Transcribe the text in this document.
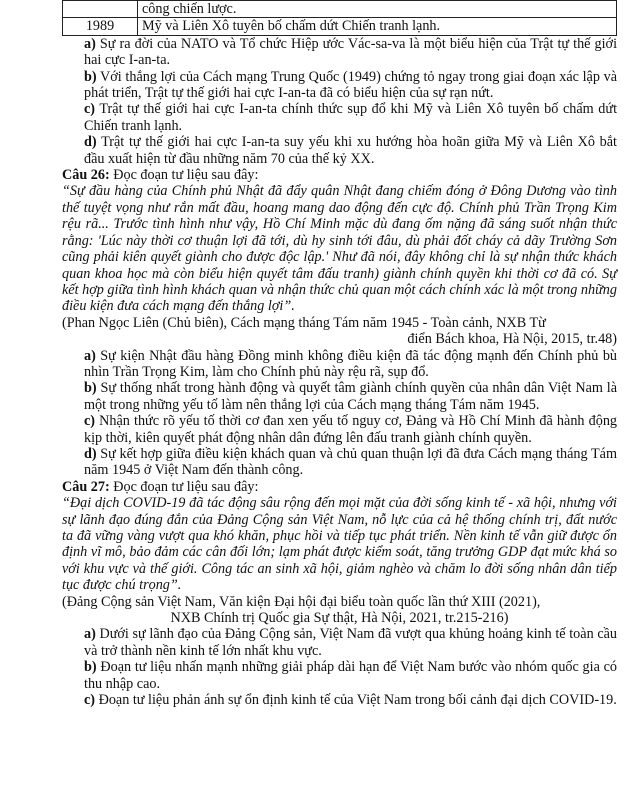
	công chiến lược.
1989	Mỹ và Liên Xô tuyên bố chấm dứt Chiến tranh lạnh.

a) Sự ra đời của NATO và Tổ chức Hiệp ước Vác-sa-va là một biểu hiện của Trật tự thế giới hai cực I-an-ta.

b) Với thắng lợi của Cách mạng Trung Quốc (1949) chứng tỏ ngay trong giai đoạn xác lập và phát triển, Trật tự thế giới hai cực I-an-ta đã có biểu hiện của sự rạn nứt.

c) Trật tự thế giới hai cực I-an-ta chính thức sụp đổ khi Mỹ và Liên Xô tuyên bố chấm dứt Chiến tranh lạnh.

d) Trật tự thế giới hai cực I-an-ta suy yếu khi xu hướng hòa hoãn giữa Mỹ và Liên Xô bắt đầu xuất hiện từ đầu những năm 70 của thế kỷ XX.

Câu 26: Đọc đoạn tư liệu sau đây:

“Sự đầu hàng của Chính phủ Nhật đã đẩy quân Nhật đang chiếm đóng ở Đông Dương vào tình thế tuyệt vọng như rắn mất đầu, hoang mang dao động đến cực độ. Chính phủ Trần Trọng Kim rệu rã... Trước tình hình như vậy, Hồ Chí Minh mặc dù đang ốm nặng đã sáng suốt nhận thức rằng: 'Lúc này thời cơ thuận lợi đã tới, dù hy sinh tới đâu, dù phải đốt cháy cả dãy Trường Sơn cũng phải kiên quyết giành cho được độc lập.' Như đã nói, đây không chỉ là sự nhận thức khách quan khoa học mà còn biểu hiện quyết tâm đấu tranh) giành chính quyền khi thời cơ đã có. Sự kết hợp giữa tình hình khách quan và nhận thức chủ quan một cách chính xác là một trong những điều kiện đưa cách mạng đến thắng lợi”.

(Phan Ngọc Liên (Chủ biên), Cách mạng tháng Tám năm 1945 - Toàn cảnh, NXB Từ

điển Bách khoa, Hà Nội, 2015, tr.48)

a) Sự kiện Nhật đầu hàng Đồng minh không điều kiện đã tác động mạnh đến Chính phủ bù nhìn Trần Trọng Kim, làm cho Chính phủ này rệu rã, sụp đổ.

b) Sự thống nhất trong hành động và quyết tâm giành chính quyền của nhân dân Việt Nam là một trong những yếu tố làm nên thắng lợi của Cách mạng tháng Tám năm 1945.

c) Nhận thức rõ yếu tố thời cơ đan xen yếu tố nguy cơ, Đảng và Hồ Chí Minh đã hành động kịp thời, kiên quyết phát động nhân dân đứng lên đấu tranh giành chính quyền.

d) Sự kết hợp giữa điều kiện khách quan và chủ quan thuận lợi đã đưa Cách mạng tháng Tám năm 1945 ở Việt Nam đến thành công.

Câu 27: Đọc đoạn tư liệu sau đây:

“Đại dịch COVID-19 đã tác động sâu rộng đến mọi mặt của đời sống kinh tế - xã hội, nhưng với sự lãnh đạo đúng đắn của Đảng Cộng sản Việt Nam, nỗ lực của cả hệ thống chính trị, đất nước ta đã vững vàng vượt qua khó khăn, phục hồi và tiếp tục phát triển. Nền kinh tế vẫn giữ được ổn định vĩ mô, bảo đảm các cân đối lớn; lạm phát được kiểm soát, tăng trưởng GDP đạt mức khá so với khu vực và thế giới. Công tác an sinh xã hội, giảm nghèo và chăm lo đời sống nhân dân tiếp tục được chú trọng”.

(Đảng Cộng sản Việt Nam, Văn kiện Đại hội đại biểu toàn quốc lần thứ XIII (2021),

NXB Chính trị Quốc gia Sự thật, Hà Nội, 2021, tr.215-216)

a) Dưới sự lãnh đạo của Đảng Cộng sản, Việt Nam đã vượt qua khủng hoảng kinh tế toàn cầu và trở thành nền kinh tế lớn nhất khu vực.

b) Đoạn tư liệu nhấn mạnh những giải pháp dài hạn để Việt Nam bước vào nhóm quốc gia có thu nhập cao.

c) Đoạn tư liệu phản ánh sự ổn định kinh tế của Việt Nam trong bối cảnh đại dịch COVID-19.
